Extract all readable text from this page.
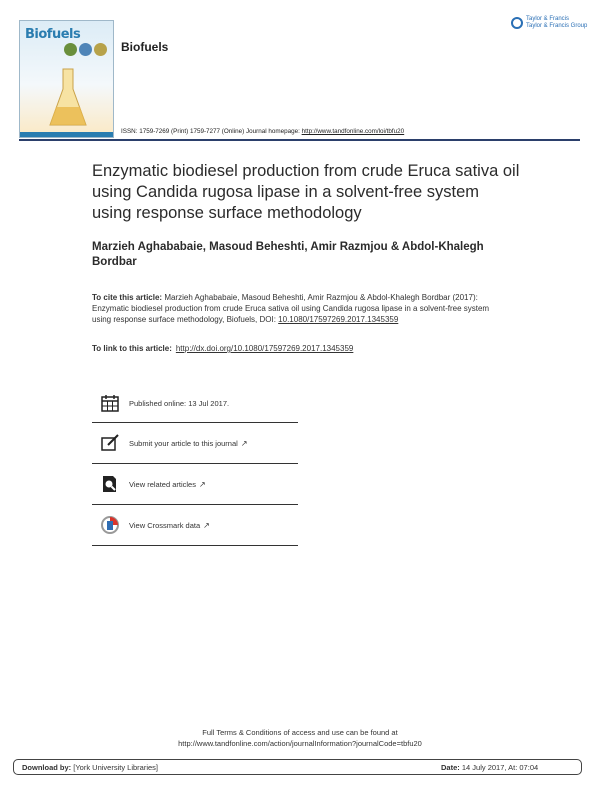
Biofuels
Biofuels
Taylor & Francis
Taylor & Francis Group
ISSN: 1759-7269 (Print) 1759-7277 (Online) Journal homepage: http://www.tandfonline.com/loi/tbfu20
Enzymatic biodiesel production from crude Eruca sativa oil using Candida rugosa lipase in a solvent-free system using response surface methodology
Marzieh Aghababaie, Masoud Beheshti, Amir Razmjou & Abdol-Khalegh Bordbar
To cite this article: Marzieh Aghababaie, Masoud Beheshti, Amir Razmjou & Abdol-Khalegh Bordbar (2017): Enzymatic biodiesel production from crude Eruca sativa oil using Candida rugosa lipase in a solvent-free system using response surface methodology, Biofuels, DOI: 10.1080/17597269.2017.1345359
To link to this article: http://dx.doi.org/10.1080/17597269.2017.1345359
Published online: 13 Jul 2017.
Submit your article to this journal ↗
View related articles ↗
View Crossmark data ↗
Full Terms & Conditions of access and use can be found at
http://www.tandfonline.com/action/journalInformation?journalCode=tbfu20
Download by: [York University Libraries]	Date: 14 July 2017, At: 07:04
